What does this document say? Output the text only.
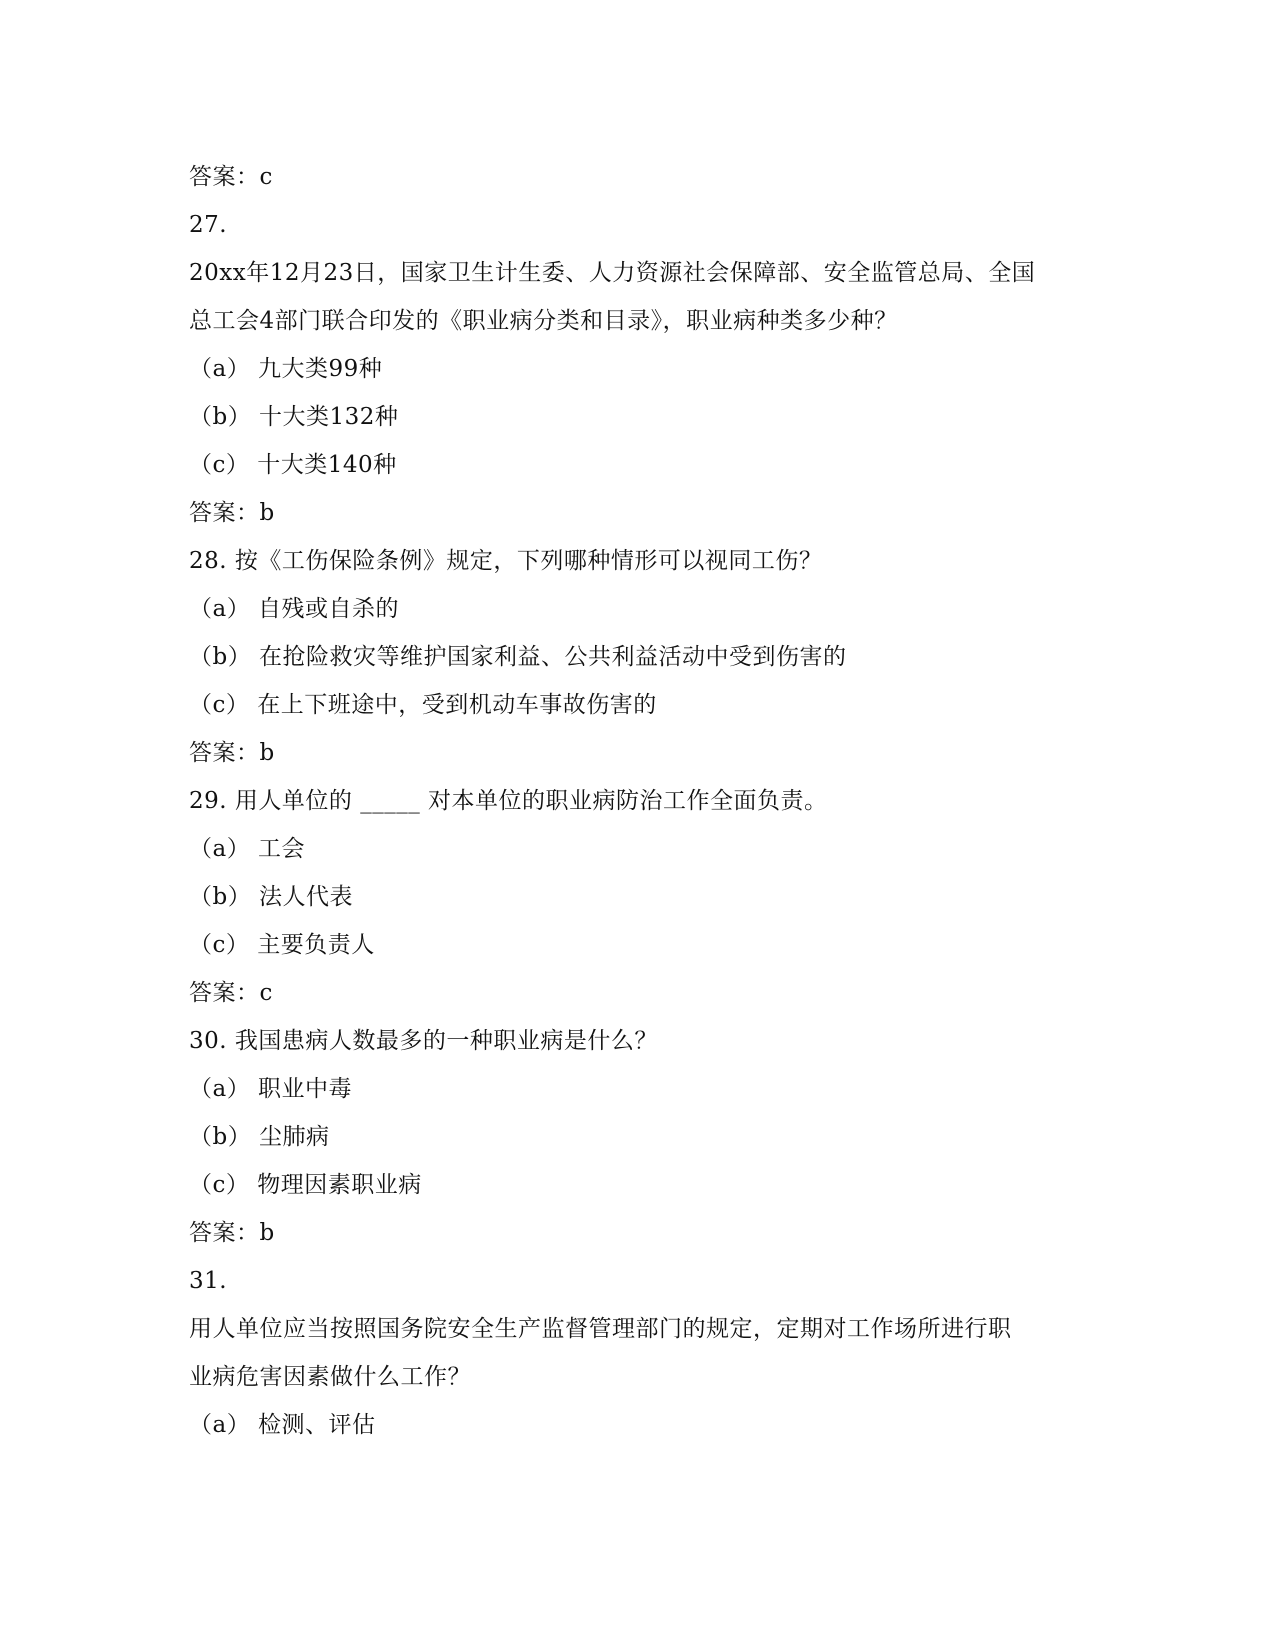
答案：c
27.
20xx年12月23日，国家卫生计生委、人力资源社会保障部、安全监管总局、全国
总工会4部门联合印发的《职业病分类和目录》，职业病种类多少种？
（a） 九大类99种
（b） 十大类132种
（c） 十大类140种
答案：b
28. 按《工伤保险条例》规定，下列哪种情形可以视同工伤？
（a） 自残或自杀的
（b） 在抢险救灾等维护国家利益、公共利益活动中受到伤害的
（c） 在上下班途中，受到机动车事故伤害的
答案：b
29. 用人单位的 _____ 对本单位的职业病防治工作全面负责。
（a） 工会
（b） 法人代表
（c） 主要负责人
答案：c
30. 我国患病人数最多的一种职业病是什么？
（a） 职业中毒
（b） 尘肺病
（c） 物理因素职业病
答案：b
31.
用人单位应当按照国务院安全生产监督管理部门的规定，定期对工作场所进行职
业病危害因素做什么工作？
（a） 检测、评估
